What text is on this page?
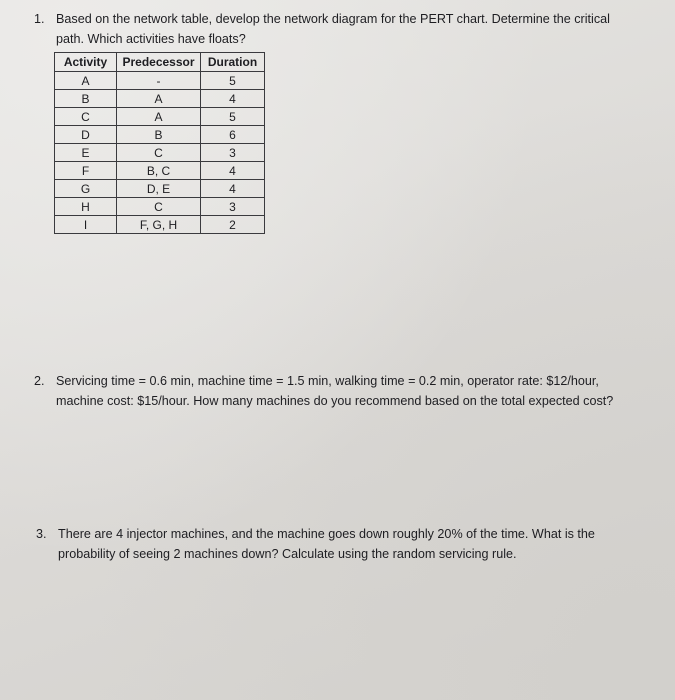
1. Based on the network table, develop the network diagram for the PERT chart. Determine the critical
path. Which activities have floats?
Activity	Predecessor	Duration
A	-	5
B	A	4
C	A	5
D	B	6
E	C	3
F	B, C	4
G	D, E	4
H	C	3
I	F, G, H	2
2. Servicing time = 0.6 min, machine time = 1.5 min, walking time = 0.2 min, operator rate: $12/hour,
machine cost: $15/hour. How many machines do you recommend based on the total expected cost?
3. There are 4 injector machines, and the machine goes down roughly 20% of the time. What is the
probability of seeing 2 machines down? Calculate using the random servicing rule.
